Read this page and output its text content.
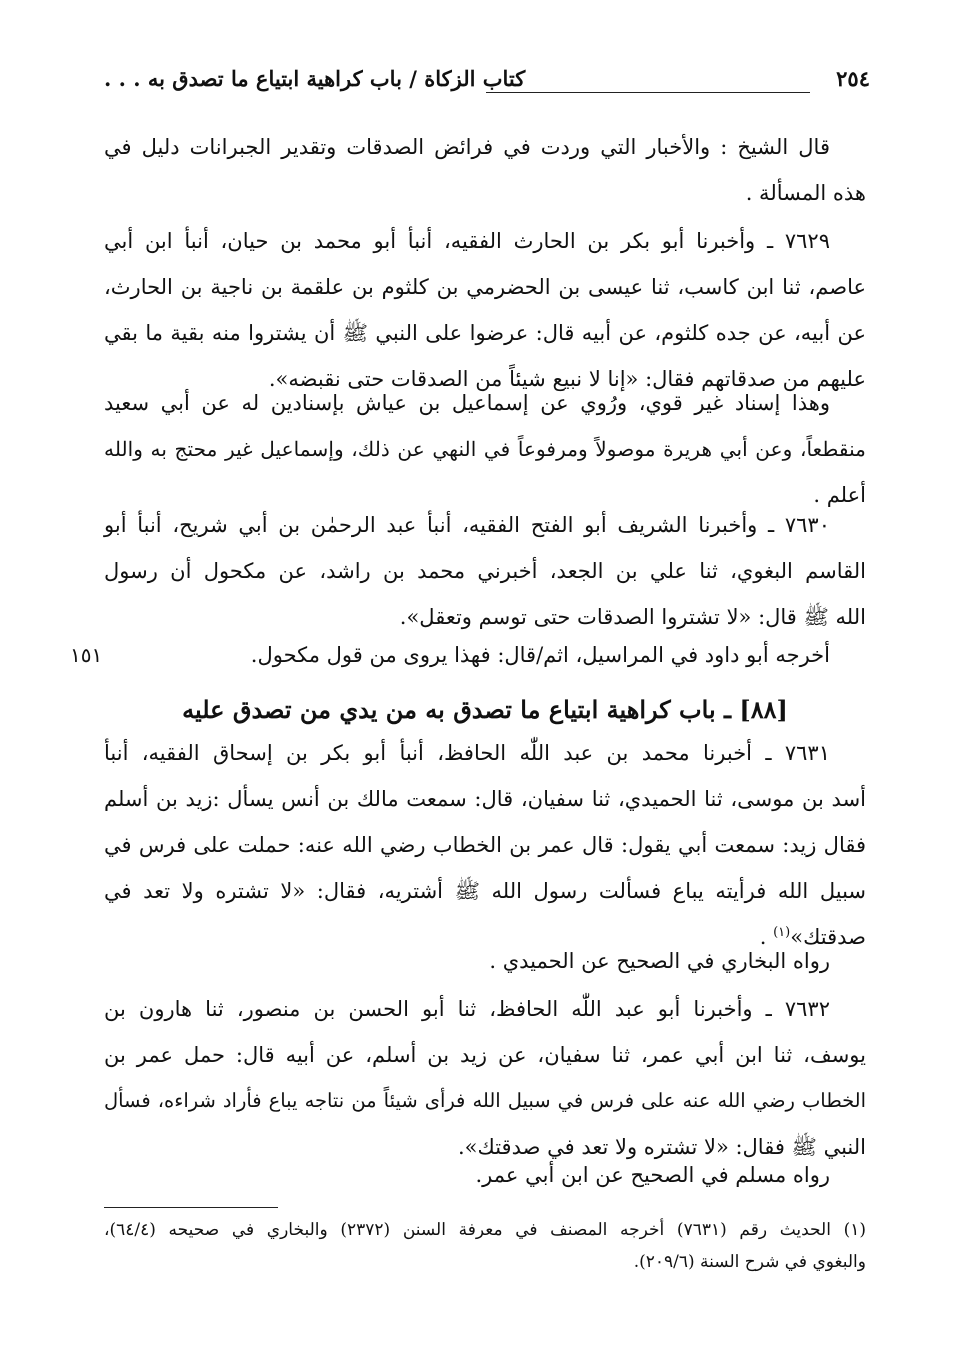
٢٥٤
كتاب الزكاة / باب كراهية ابتياع ما تصدق به . . .
قال الشيخ : والأخبار التي وردت في فرائض الصدقات وتقدير الجبرانات دليل في
هذه المسألة .
٧٦٢٩ ـ وأخبرنا أبو بكر بن الحارث الفقيه، أنبأ أبو محمد بن حيان، أنبأ ابن أبي
عاصم، ثنا ابن كاسب، ثنا عيسى بن الحضرمي بن كلثوم بن علقمة بن ناجية بن الحارث،
عن أبيه، عن جده كلثوم، عن أبيه قال: عرضوا على النبي ﷺ أن يشتروا منه بقية ما بقي
عليهم من صدقاتهم فقال: «إنا لا نبيع شيئاً من الصدقات حتى نقبضه».
وهذا إسناد غير قوي، ورُوي عن إسماعيل بن عياش بإسنادين له عن أبي سعيد
منقطعاً، وعن أبي هريرة موصولاً ومرفوعاً في النهي عن ذلك، وإسماعيل غير محتج به والله
أعلم .
٧٦٣٠ ـ وأخبرنا الشريف أبو الفتح الفقيه، أنبأ عبد الرحمٰن بن أبي شريح، أنبأ أبو
القاسم البغوي، ثنا علي بن الجعد، أخبرني محمد بن راشد، عن مكحول أن رسول
الله ﷺ قال: «لا تشتروا الصدقات حتى توسم وتعقل».
أخرجه أبو داود في المراسيل، اثم/قال: فهذا يروى من قول مكحول.
١٥١
[٨٨] ـ باب كراهية ابتياع ما تصدق به من يدي من تصدق عليه
٧٦٣١ ـ أخبرنا محمد بن عبد اللّٰه الحافظ، أنبأ أبو بكر بن إسحاق الفقيه، أنبأ
أسد بن موسى، ثنا الحميدي، ثنا سفيان، قال: سمعت مالك بن أنس يسأل :زيد بن أسلم
فقال زيد: سمعت أبي يقول: قال عمر بن الخطاب رضي الله عنه: حملت على فرس في
سبيل الله فرأيته يباع فسألت رسول الله ﷺ أشتريه، فقال: «لا تشتره ولا تعد في
صدقتك»$^{(١)}$ .
رواه البخاري في الصحيح عن الحميدي .
٧٦٣٢ ـ وأخبرنا أبو عبد اللّٰه الحافظ، ثنا أبو الحسن بن منصور، ثنا هارون بن
يوسف، ثنا ابن أبي عمر، ثنا سفيان، عن زيد بن أسلم، عن أبيه قال: حمل عمر بن
الخطاب رضي الله عنه على فرس في سبيل الله فرأى شيئاً من نتاجه يباع فأراد شراءه، فسأل
النبي ﷺ فقال: «لا تشتره ولا تعد في صدقتك».
رواه مسلم في الصحيح عن ابن أبي عمر.
(١) الحديث رقم (٧٦٣١) أخرجه المصنف في معرفة السنن (٢٣٧٢) والبخاري في صحيحه (٦٤/٤)،
والبغوي في شرح السنة (٢٠٩/٦).
